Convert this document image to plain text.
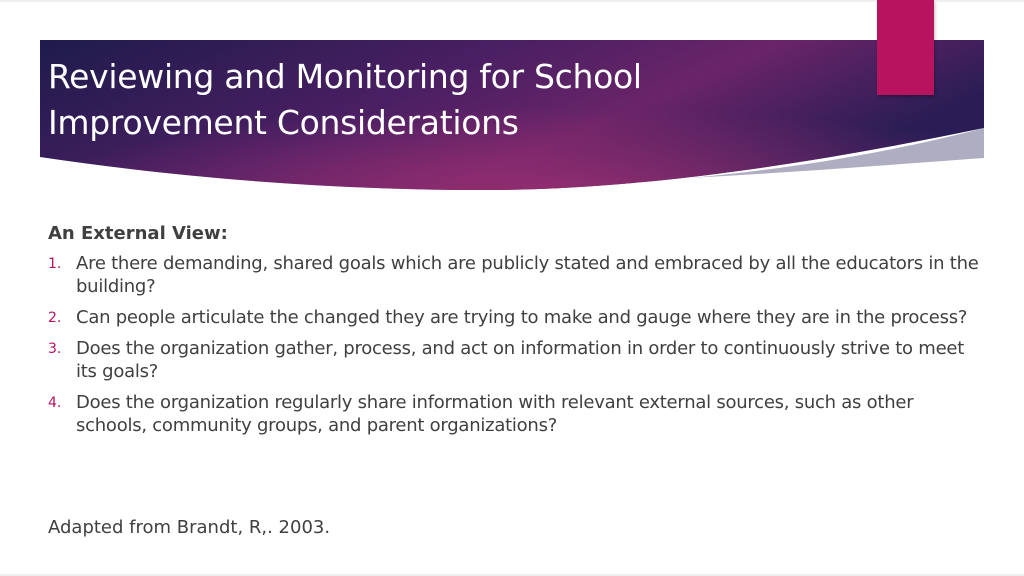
Reviewing and Monitoring for School Improvement Considerations

An External View:

1. Are there demanding, shared goals which are publicly stated and embraced by all the educators in the building?
2. Can people articulate the changed they are trying to make and gauge where they are in the process?
3. Does the organization gather, process, and act on information in order to continuously strive to meet its goals?
4. Does the organization regularly share information with relevant external sources, such as other schools, community groups, and parent organizations?

Adapted from Brandt, R,. 2003.
